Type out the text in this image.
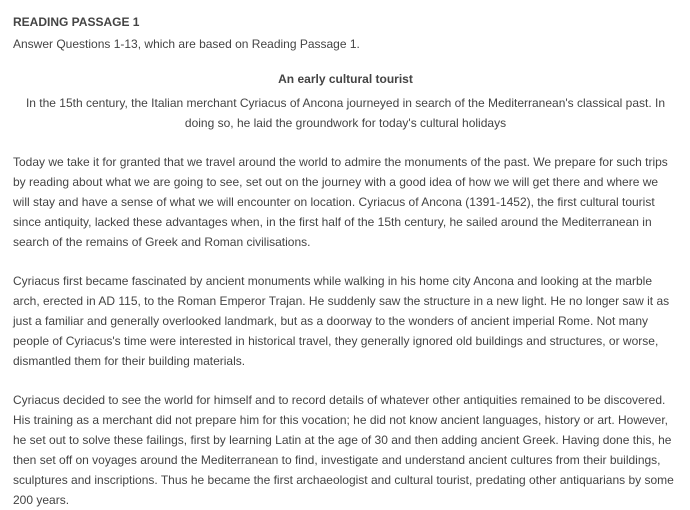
READING PASSAGE 1

Answer Questions 1-13, which are based on Reading Passage 1.

An early cultural tourist

In the 15th century, the Italian merchant Cyriacus of Ancona journeyed in search of the Mediterranean's classical past. In doing so, he laid the groundwork for today's cultural holidays

Today we take it for granted that we travel around the world to admire the monuments of the past. We prepare for such trips by reading about what we are going to see, set out on the journey with a good idea of how we will get there and where we will stay and have a sense of what we will encounter on location. Cyriacus of Ancona (1391-1452), the first cultural tourist since antiquity, lacked these advantages when, in the first half of the 15th century, he sailed around the Mediterranean in search of the remains of Greek and Roman civilisations.

Cyriacus first became fascinated by ancient monuments while walking in his home city Ancona and looking at the marble arch, erected in AD 115, to the Roman Emperor Trajan. He suddenly saw the structure in a new light. He no longer saw it as just a familiar and generally overlooked landmark, but as a doorway to the wonders of ancient imperial Rome. Not many people of Cyriacus's time were interested in historical travel, they generally ignored old buildings and structures, or worse, dismantled them for their building materials.

Cyriacus decided to see the world for himself and to record details of whatever other antiquities remained to be discovered. His training as a merchant did not prepare him for this vocation; he did not know ancient languages, history or art. However, he set out to solve these failings, first by learning Latin at the age of 30 and then adding ancient Greek. Having done this, he then set off on voyages around the Mediterranean to find, investigate and understand ancient cultures from their buildings, sculptures and inscriptions. Thus he became the first archaeologist and cultural tourist, predating other antiquarians by some 200 years.
